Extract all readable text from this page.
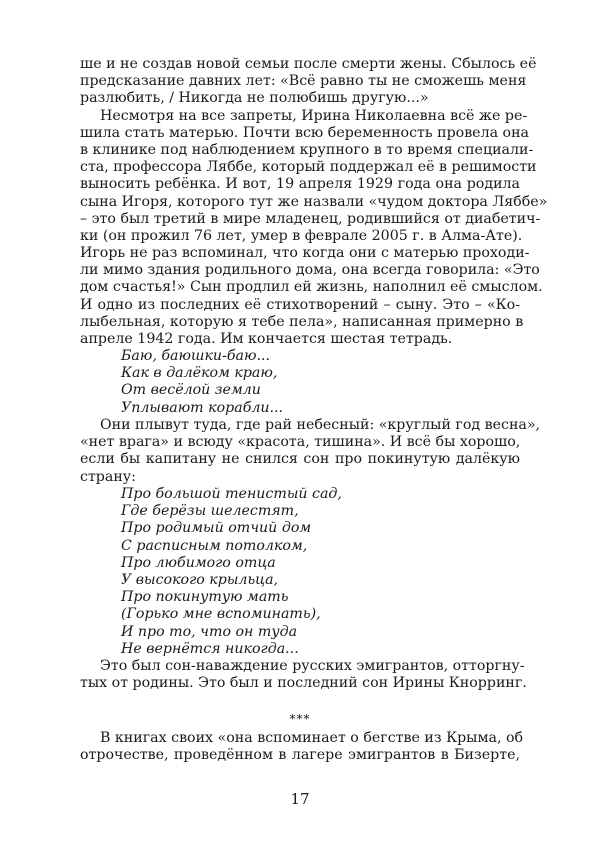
ше и не создав новой семьи после смерти жены. Сбылось её
предсказание давних лет: «Всё равно ты не сможешь меня
разлюбить, / Никогда не полюбишь другую...»
Несмотря на все запреты, Ирина Николаевна всё же ре-
шила стать матерью. Почти всю беременность провела она
в клинике под наблюдением крупного в то время специали-
ста, профессора Ляббе, который поддержал её в решимости
выносить ребёнка. И вот, 19 апреля 1929 года она родила
сына Игоря, которого тут же назвали «чудом доктора Ляббе»
– это был третий в мире младенец, родившийся от диабетич-
ки (он прожил 76 лет, умер в феврале 2005 г. в Алма-Ате).
Игорь не раз вспоминал, что когда они с матерью проходи-
ли мимо здания родильного дома, она всегда говорила: «Это
дом счастья!» Сын продлил ей жизнь, наполнил её смыслом.
И одно из последних её стихотворений – сыну. Это – «Ко-
лыбельная, которую я тебе пела», написанная примерно в
апреле 1942 года. Им кончается шестая тетрадь.
Баю, баюшки-баю...
Как в далёком краю,
От весёлой земли
Уплывают корабли...
Они плывут туда, где рай небесный: «круглый год весна»,
«нет врага» и всюду «красота, тишина». И всё бы хорошо,
если бы капитану не снился сон про покинутую далёкую
страну:
Про большой тенистый сад,
Где берёзы шелестят,
Про родимый отчий дом
С расписным потолком,
Про любимого отца
У высокого крыльца,
Про покинутую мать
(Горько мне вспоминать),
И про то, что он туда
Не вернётся никогда...
Это был сон-наваждение русских эмигрантов, отторгну-
тых от родины. Это был и последний сон Ирины Кнорринг.
***
В книгах своих «она вспоминает о бегстве из Крыма, об
отрочестве, проведённом в лагере эмигрантов в Бизерте,
17
